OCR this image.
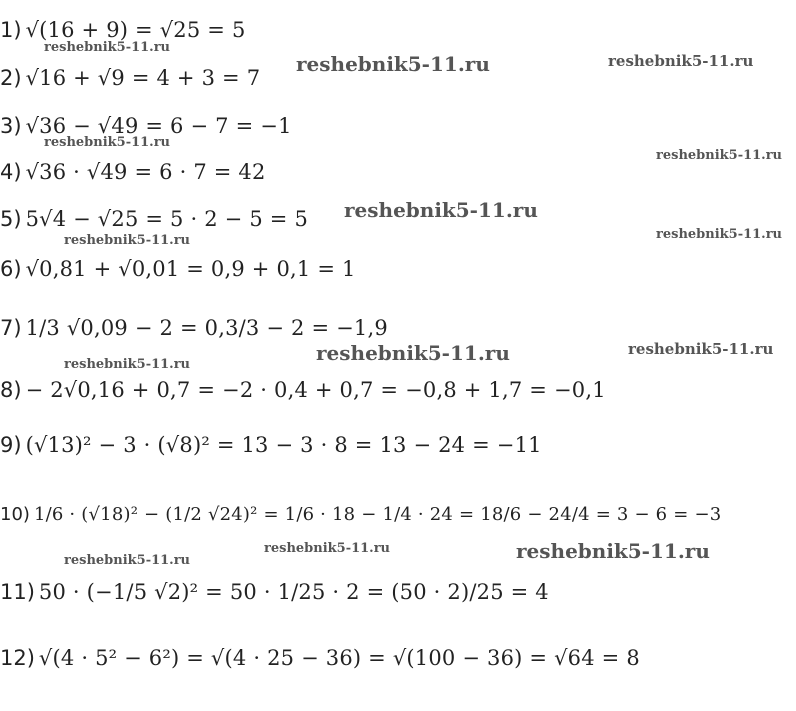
1) √(16 + 9) = √25 = 5
2) √16 + √9 = 4 + 3 = 7
3) √36 − √49 = 6 − 7 = −1
4) √36 · √49 = 6 · 7 = 42
5) 5√4 − √25 = 5 · 2 − 5 = 5
6) √0,81 + √0,01 = 0,9 + 0,1 = 1
7) 1/3 √0,09 − 2 = 0,3/3 − 2 = −1,9
8) − 2√0,16 + 0,7 = −2 · 0,4 + 0,7 = −0,8 + 1,7 = −0,1
9) (√13)² − 3 · (√8)² = 13 − 3 · 8 = 13 − 24 = −11
10) 1/6 · (√18)² − (1/2 √24)² = 1/6 · 18 − 1/4 · 24 = 18/6 − 24/4 = 3 − 6 = −3
11) 50 · (−1/5 √2)² = 50 · 1/25 · 2 = (50 · 2)/25 = 4
12) √(4 · 5² − 6²) = √(4 · 25 − 36) = √(100 − 36) = √64 = 8
reshebnik5-11.ru
reshebnik5-11.ru	reshebnik5-11.ru
reshebnik5-11.ru
reshebnik5-11.ru
reshebnik5-11.ru
reshebnik5-11.ru	reshebnik5-11.ru
reshebnik5-11.ru	reshebnik5-11.ru
reshebnik5-11.ru
reshebnik5-11.ru
reshebnik5-11.ru	reshebnik5-11.ru
